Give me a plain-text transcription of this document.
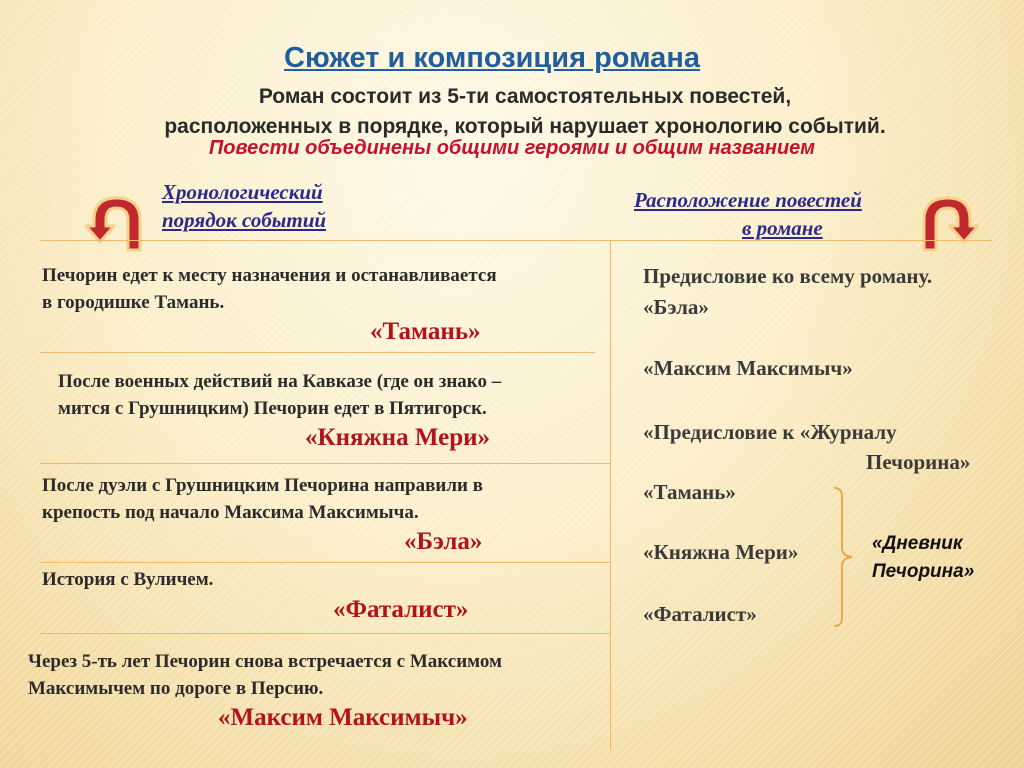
Сюжет и композиция романа
Роман состоит из 5-ти самостоятельных повестей,
расположенных в порядке, который нарушает хронологию событий.
Повести объединены общими героями и общим названием
Хронологический
порядок событий
Расположение повестей
в романе
Печорин едет к месту назначения и останавливается
в городишке Тамань.
«Тамань»
После военных действий на Кавказе (где он знако –
мится с Грушницким) Печорин едет в Пятигорск.
«Княжна Мери»
После дуэли с Грушницким Печорина направили в
крепость под начало Максима Максимыча.
«Бэла»
История с Вуличем.
«Фаталист»
Через 5-ть лет Печорин снова встречается с Максимом
Максимычем по дороге в Персию.
«Максим Максимыч»
Предисловие ко всему роману.
«Бэла»
«Максим Максимыч»
«Предисловие к «Журналу
Печорина»
«Тамань»
«Княжна Мери»
«Фаталист»
«Дневник
Печорина»
